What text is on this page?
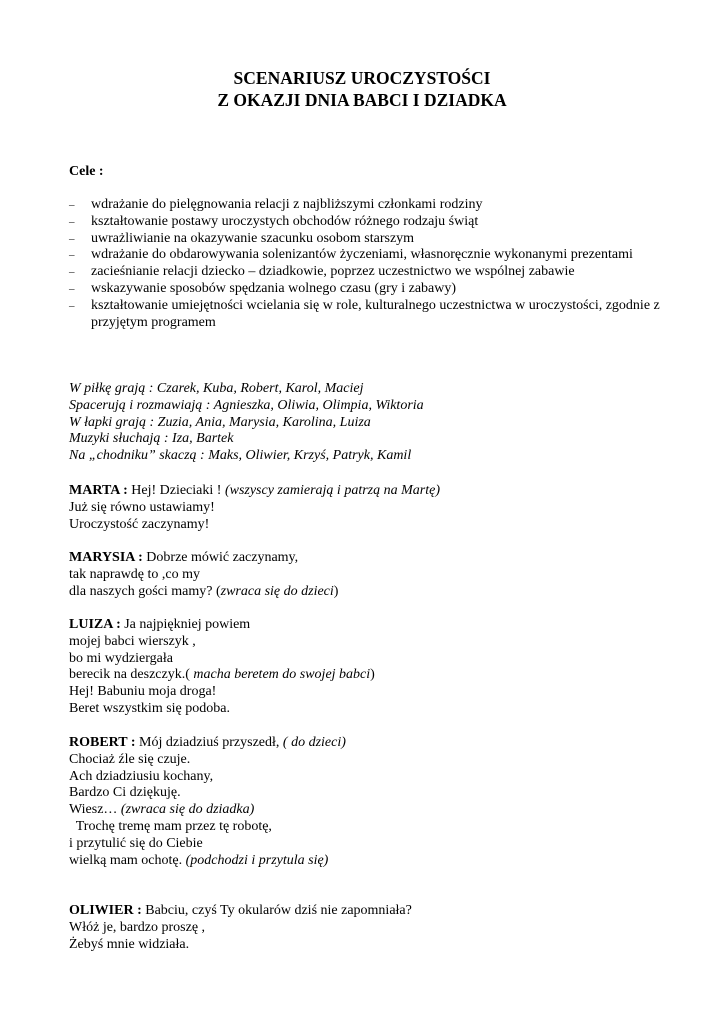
SCENARIUSZ UROCZYSTOŚCI
Z OKAZJI DNIA BABCI I DZIADKA
Cele :
– wdrażanie do pielęgnowania relacji z najbliższymi członkami rodziny
– kształtowanie postawy uroczystych obchodów różnego rodzaju świąt
– uwrażliwianie na okazywanie szacunku osobom starszym
– wdrażanie do obdarowywania solenizantów życzeniami, własnoręcznie wykonanymi prezentami
– zacieśnianie relacji dziecko – dziadkowie, poprzez uczestnictwo we wspólnej zabawie
– wskazywanie sposobów spędzania wolnego czasu (gry i zabawy)
– kształtowanie umiejętności wcielania się w role, kulturalnego uczestnictwa w uroczystości, zgodnie z przyjętym programem
W piłkę grają : Czarek, Kuba, Robert, Karol, Maciej
Spacerują i rozmawiają : Agnieszka, Oliwia, Olimpia, Wiktoria
W łapki grają : Zuzia, Ania, Marysia, Karolina, Luiza
Muzyki słuchają : Iza, Bartek
Na „chodniku” skaczą : Maks, Oliwier, Krzyś, Patryk, Kamil
MARTA : Hej! Dzieciaki ! (wszyscy zamierają i patrzą na Martę)
Już się równo ustawiamy!
Uroczystość zaczynamy!
MARYSIA : Dobrze mówić zaczynamy,
tak naprawdę to ,co my
dla naszych gości mamy? (zwraca się do dzieci)
LUIZA : Ja najpiękniej powiem
mojej babci wierszyk ,
bo mi wydziergała
berecik na deszczyk.( macha beretem do swojej babci)
Hej! Babuniu moja droga!
Beret wszystkim się podoba.
ROBERT : Mój dziadziuś przyszedł, ( do dzieci)
Chociaż źle się czuje.
Ach dziadziusiu kochany,
Bardzo Ci dziękuję.
Wiesz… (zwraca się do dziadka)
Trochę tremę mam przez tę robotę,
i przytulić się do Ciebie
wielką mam ochotę. (podchodzi i przytula się)
OLIWIER : Babciu, czyś Ty okularów dziś nie zapomniała?
Włóż je, bardzo proszę ,
Żebyś mnie widziała.
